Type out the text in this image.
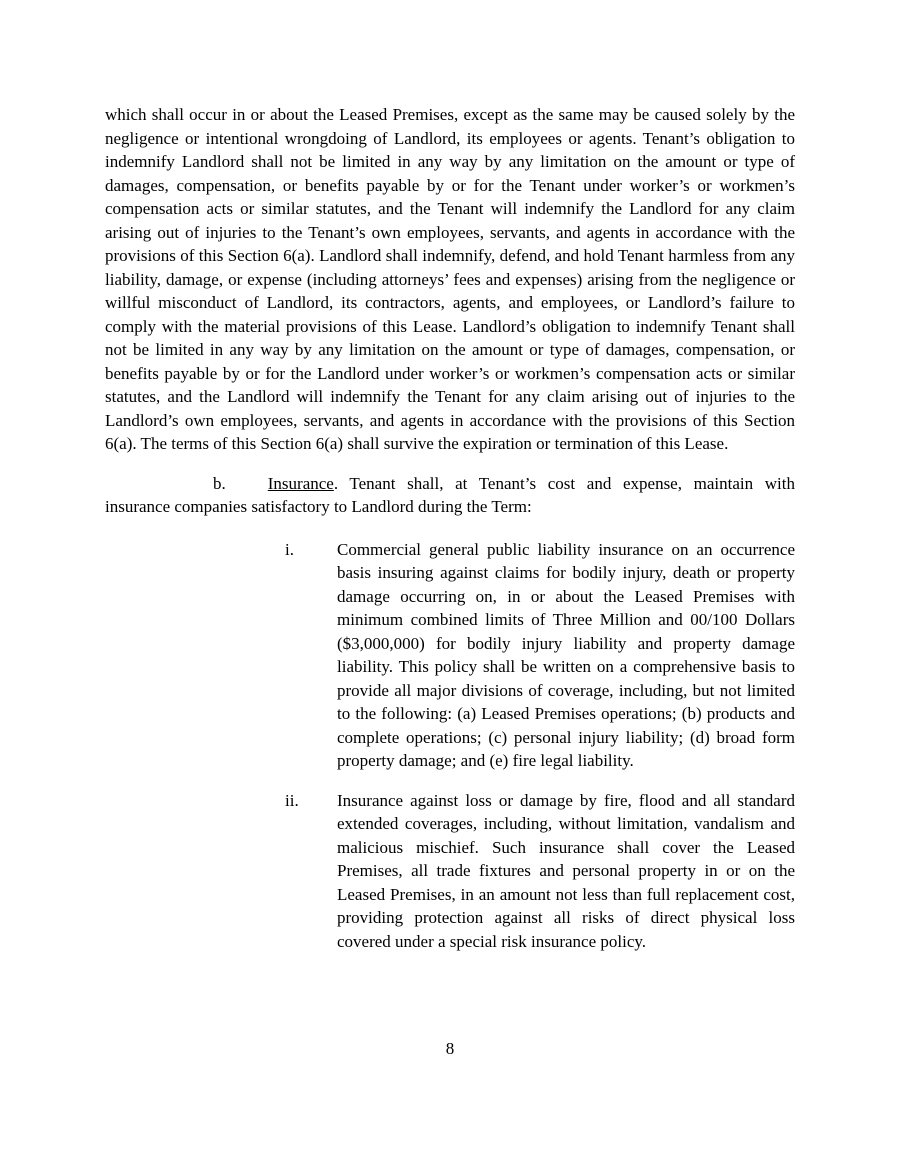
which shall occur in or about the Leased Premises, except as the same may be caused solely by the negligence or intentional wrongdoing of Landlord, its employees or agents. Tenant’s obligation to indemnify Landlord shall not be limited in any way by any limitation on the amount or type of damages, compensation, or benefits payable by or for the Tenant under worker’s or workmen’s compensation acts or similar statutes, and the Tenant will indemnify the Landlord for any claim arising out of injuries to the Tenant’s own employees, servants, and agents in accordance with the provisions of this Section 6(a). Landlord shall indemnify, defend, and hold Tenant harmless from any liability, damage, or expense (including attorneys’ fees and expenses) arising from the negligence or willful misconduct of Landlord, its contractors, agents, and employees, or Landlord’s failure to comply with the material provisions of this Lease. Landlord’s obligation to indemnify Tenant shall not be limited in any way by any limitation on the amount or type of damages, compensation, or benefits payable by or for the Landlord under worker’s or workmen’s compensation acts or similar statutes, and the Landlord will indemnify the Tenant for any claim arising out of injuries to the Landlord’s own employees, servants, and agents in accordance with the provisions of this Section 6(a). The terms of this Section 6(a) shall survive the expiration or termination of this Lease.

b. Insurance. Tenant shall, at Tenant’s cost and expense, maintain with insurance companies satisfactory to Landlord during the Term:

i.	Commercial general public liability insurance on an occurrence basis insuring against claims for bodily injury, death or property damage occurring on, in or about the Leased Premises with minimum combined limits of Three Million and 00/100 Dollars ($3,000,000) for bodily injury liability and property damage liability. This policy shall be written on a comprehensive basis to provide all major divisions of coverage, including, but not limited to the following: (a) Leased Premises operations; (b) products and complete operations; (c) personal injury liability; (d) broad form property damage; and (e) fire legal liability.
ii.	Insurance against loss or damage by fire, flood and all standard extended coverages, including, without limitation, vandalism and malicious mischief. Such insurance shall cover the Leased Premises, all trade fixtures and personal property in or on the Leased Premises, in an amount not less than full replacement cost, providing protection against all risks of direct physical loss covered under a special risk insurance policy.
8
